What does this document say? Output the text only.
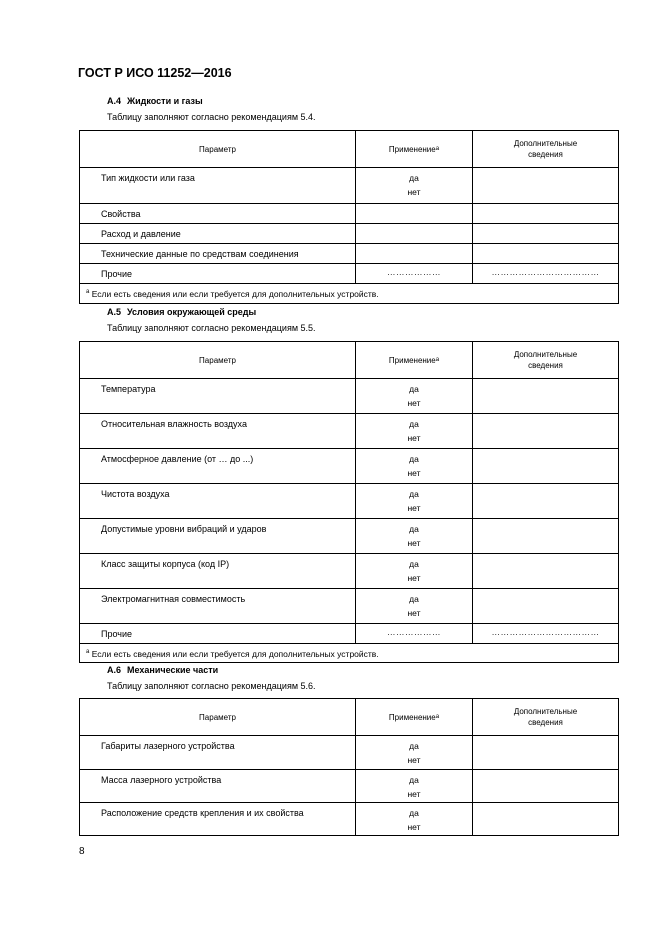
ГОСТ Р ИСО 11252—2016
А.4 Жидкости и газы
Таблицу заполняют согласно рекомендациям 5.4.
Параметр	Применение a	Дополнительные
сведения

Тип жидкости или газа	да
нет	

Свойства		

Расход и давление		

Технические данные по средствам соединения		

Прочие	………………	………………………………

$^а$ Если есть сведения или если требуется для дополнительных устройств.		
А.5 Условия окружающей среды
Таблицу заполняют согласно рекомендациям 5.5.
Параметр	Применение a	Дополнительные
сведения

Температура	да
нет	

Относительная влажность воздуха	да
нет	

Атмосферное давление (от … до ...)	да
нет	

Чистота воздуха	да
нет	

Допустимые уровни вибраций и ударов	да
нет	

Класс защиты корпуса (код IP)	да
нет	

Электромагнитная совместимость	да
нет	

Прочие	………………	………………………………

$^а$ Если есть сведения или если требуется для дополнительных устройств.		
А.6 Механические части
Таблицу заполняют согласно рекомендациям 5.6.
Параметр	Применение a	Дополнительные
сведения

Габариты лазерного устройства	да
нет	

Масса лазерного устройства	да
нет	

Расположение средств крепления и их свойства	да
нет	

8
